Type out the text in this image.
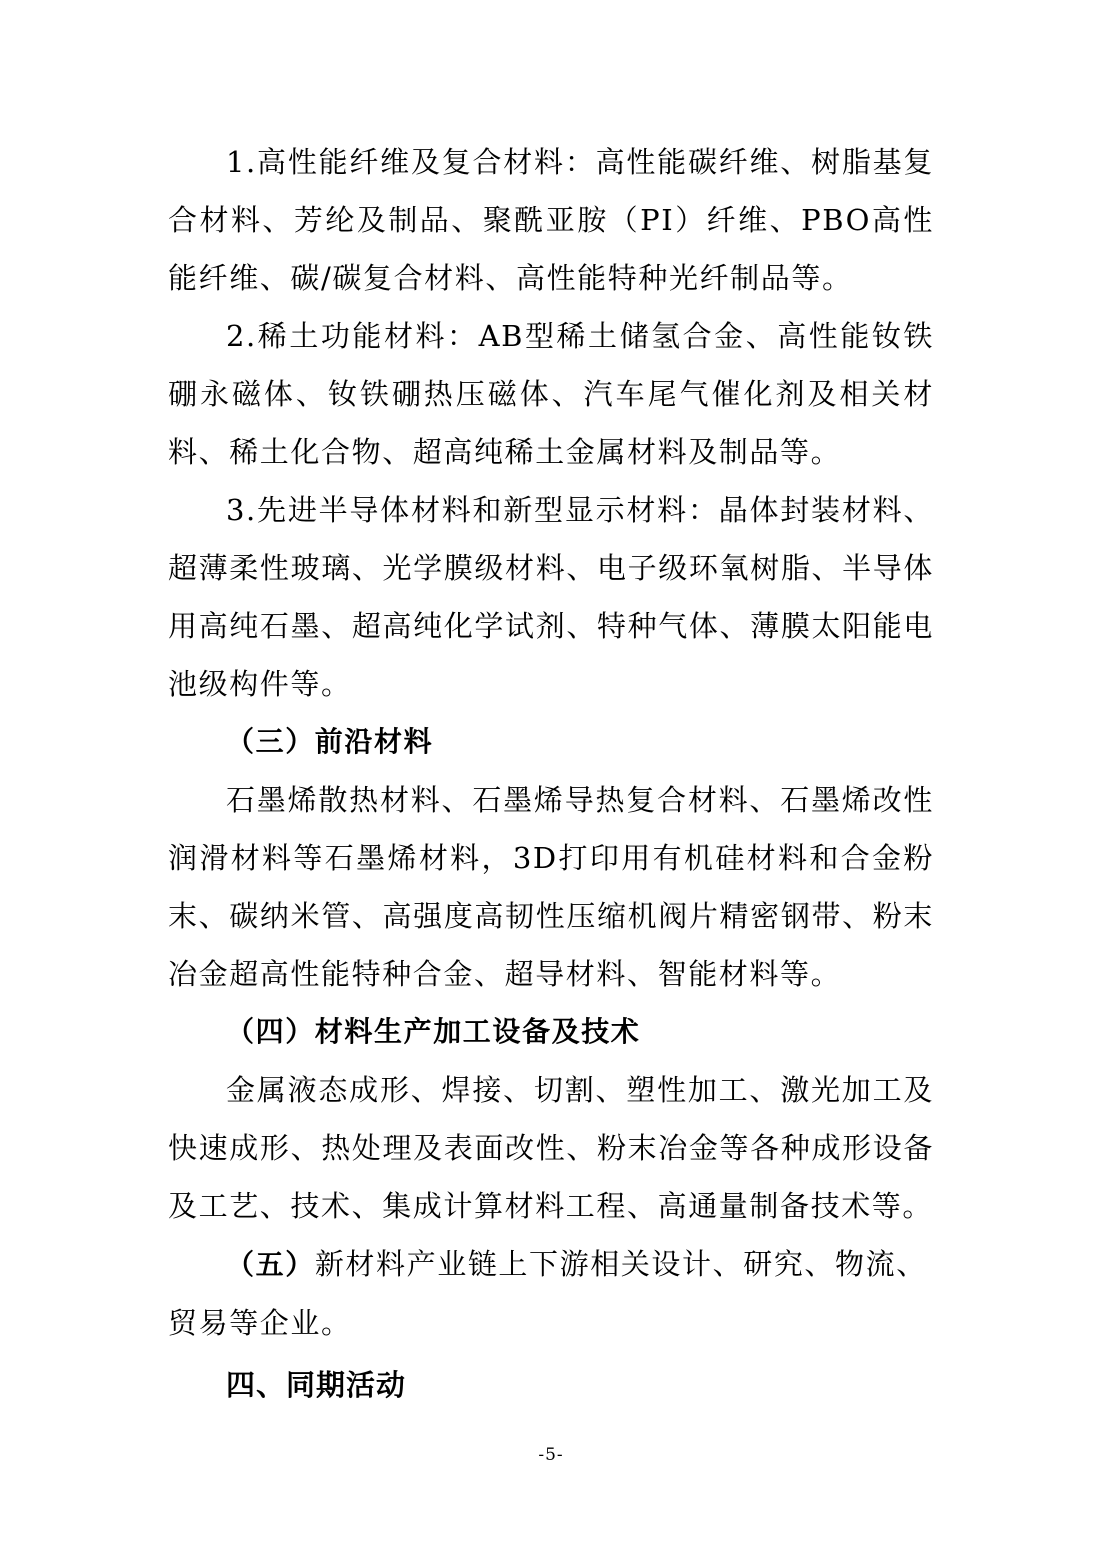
1.高性能纤维及复合材料：高性能碳纤维、树脂基复合材料、芳纶及制品、聚酰亚胺（PI）纤维、PBO高性能纤维、碳/碳复合材料、高性能特种光纤制品等。

2.稀土功能材料：AB型稀土储氢合金、高性能钕铁硼永磁体、钕铁硼热压磁体、汽车尾气催化剂及相关材料、稀土化合物、超高纯稀土金属材料及制品等。

3.先进半导体材料和新型显示材料：晶体封装材料、超薄柔性玻璃、光学膜级材料、电子级环氧树脂、半导体用高纯石墨、超高纯化学试剂、特种气体、薄膜太阳能电池级构件等。

（三）前沿材料

石墨烯散热材料、石墨烯导热复合材料、石墨烯改性润滑材料等石墨烯材料，3D打印用有机硅材料和合金粉末、碳纳米管、高强度高韧性压缩机阀片精密钢带、粉末冶金超高性能特种合金、超导材料、智能材料等。

（四）材料生产加工设备及技术

金属液态成形、焊接、切割、塑性加工、激光加工及快速成形、热处理及表面改性、粉末冶金等各种成形设备及工艺、技术、集成计算材料工程、高通量制备技术等。

（五）新材料产业链上下游相关设计、研究、物流、贸易等企业。

四、同期活动

-5-
